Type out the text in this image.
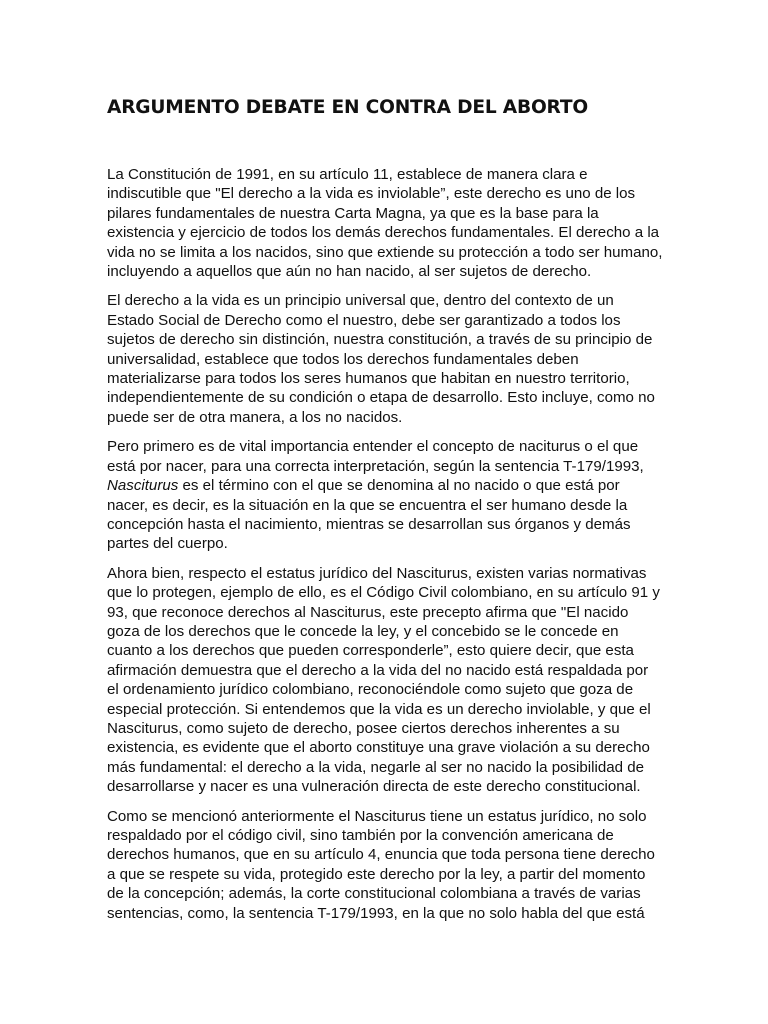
ARGUMENTO DEBATE EN CONTRA DEL ABORTO

La Constitución de 1991, en su artículo 11, establece de manera clara e
indiscutible que "El derecho a la vida es inviolable”, este derecho es uno de los
pilares fundamentales de nuestra Carta Magna, ya que es la base para la
existencia y ejercicio de todos los demás derechos fundamentales. El derecho a la
vida no se limita a los nacidos, sino que extiende su protección a todo ser humano,
incluyendo a aquellos que aún no han nacido, al ser sujetos de derecho.

El derecho a la vida es un principio universal que, dentro del contexto de un
Estado Social de Derecho como el nuestro, debe ser garantizado a todos los
sujetos de derecho sin distinción, nuestra constitución, a través de su principio de
universalidad, establece que todos los derechos fundamentales deben
materializarse para todos los seres humanos que habitan en nuestro territorio,
independientemente de su condición o etapa de desarrollo. Esto incluye, como no
puede ser de otra manera, a los no nacidos.

Pero primero es de vital importancia entender el concepto de naciturus o el que
está por nacer, para una correcta interpretación, según la sentencia T-179/1993,
Nasciturus es el término con el que se denomina al no nacido o que está por
nacer, es decir, es la situación en la que se encuentra el ser humano desde la
concepción hasta el nacimiento, mientras se desarrollan sus órganos y demás
partes del cuerpo.

Ahora bien, respecto el estatus jurídico del Nasciturus, existen varias normativas
que lo protegen, ejemplo de ello, es el Código Civil colombiano, en su artículo 91 y
93, que reconoce derechos al Nasciturus, este precepto afirma que "El nacido
goza de los derechos que le concede la ley, y el concebido se le concede en
cuanto a los derechos que pueden corresponderle”, esto quiere decir, que esta
afirmación demuestra que el derecho a la vida del no nacido está respaldada por
el ordenamiento jurídico colombiano, reconociéndole como sujeto que goza de
especial protección. Si entendemos que la vida es un derecho inviolable, y que el
Nasciturus, como sujeto de derecho, posee ciertos derechos inherentes a su
existencia, es evidente que el aborto constituye una grave violación a su derecho
más fundamental: el derecho a la vida, negarle al ser no nacido la posibilidad de
desarrollarse y nacer es una vulneración directa de este derecho constitucional.

Como se mencionó anteriormente el Nasciturus tiene un estatus jurídico, no solo
respaldado por el código civil, sino también por la convención americana de
derechos humanos, que en su artículo 4, enuncia que toda persona tiene derecho
a que se respete su vida, protegido este derecho por la ley, a partir del momento
de la concepción; además, la corte constitucional colombiana a través de varias
sentencias, como, la sentencia T-179/1993, en la que no solo habla del que está
